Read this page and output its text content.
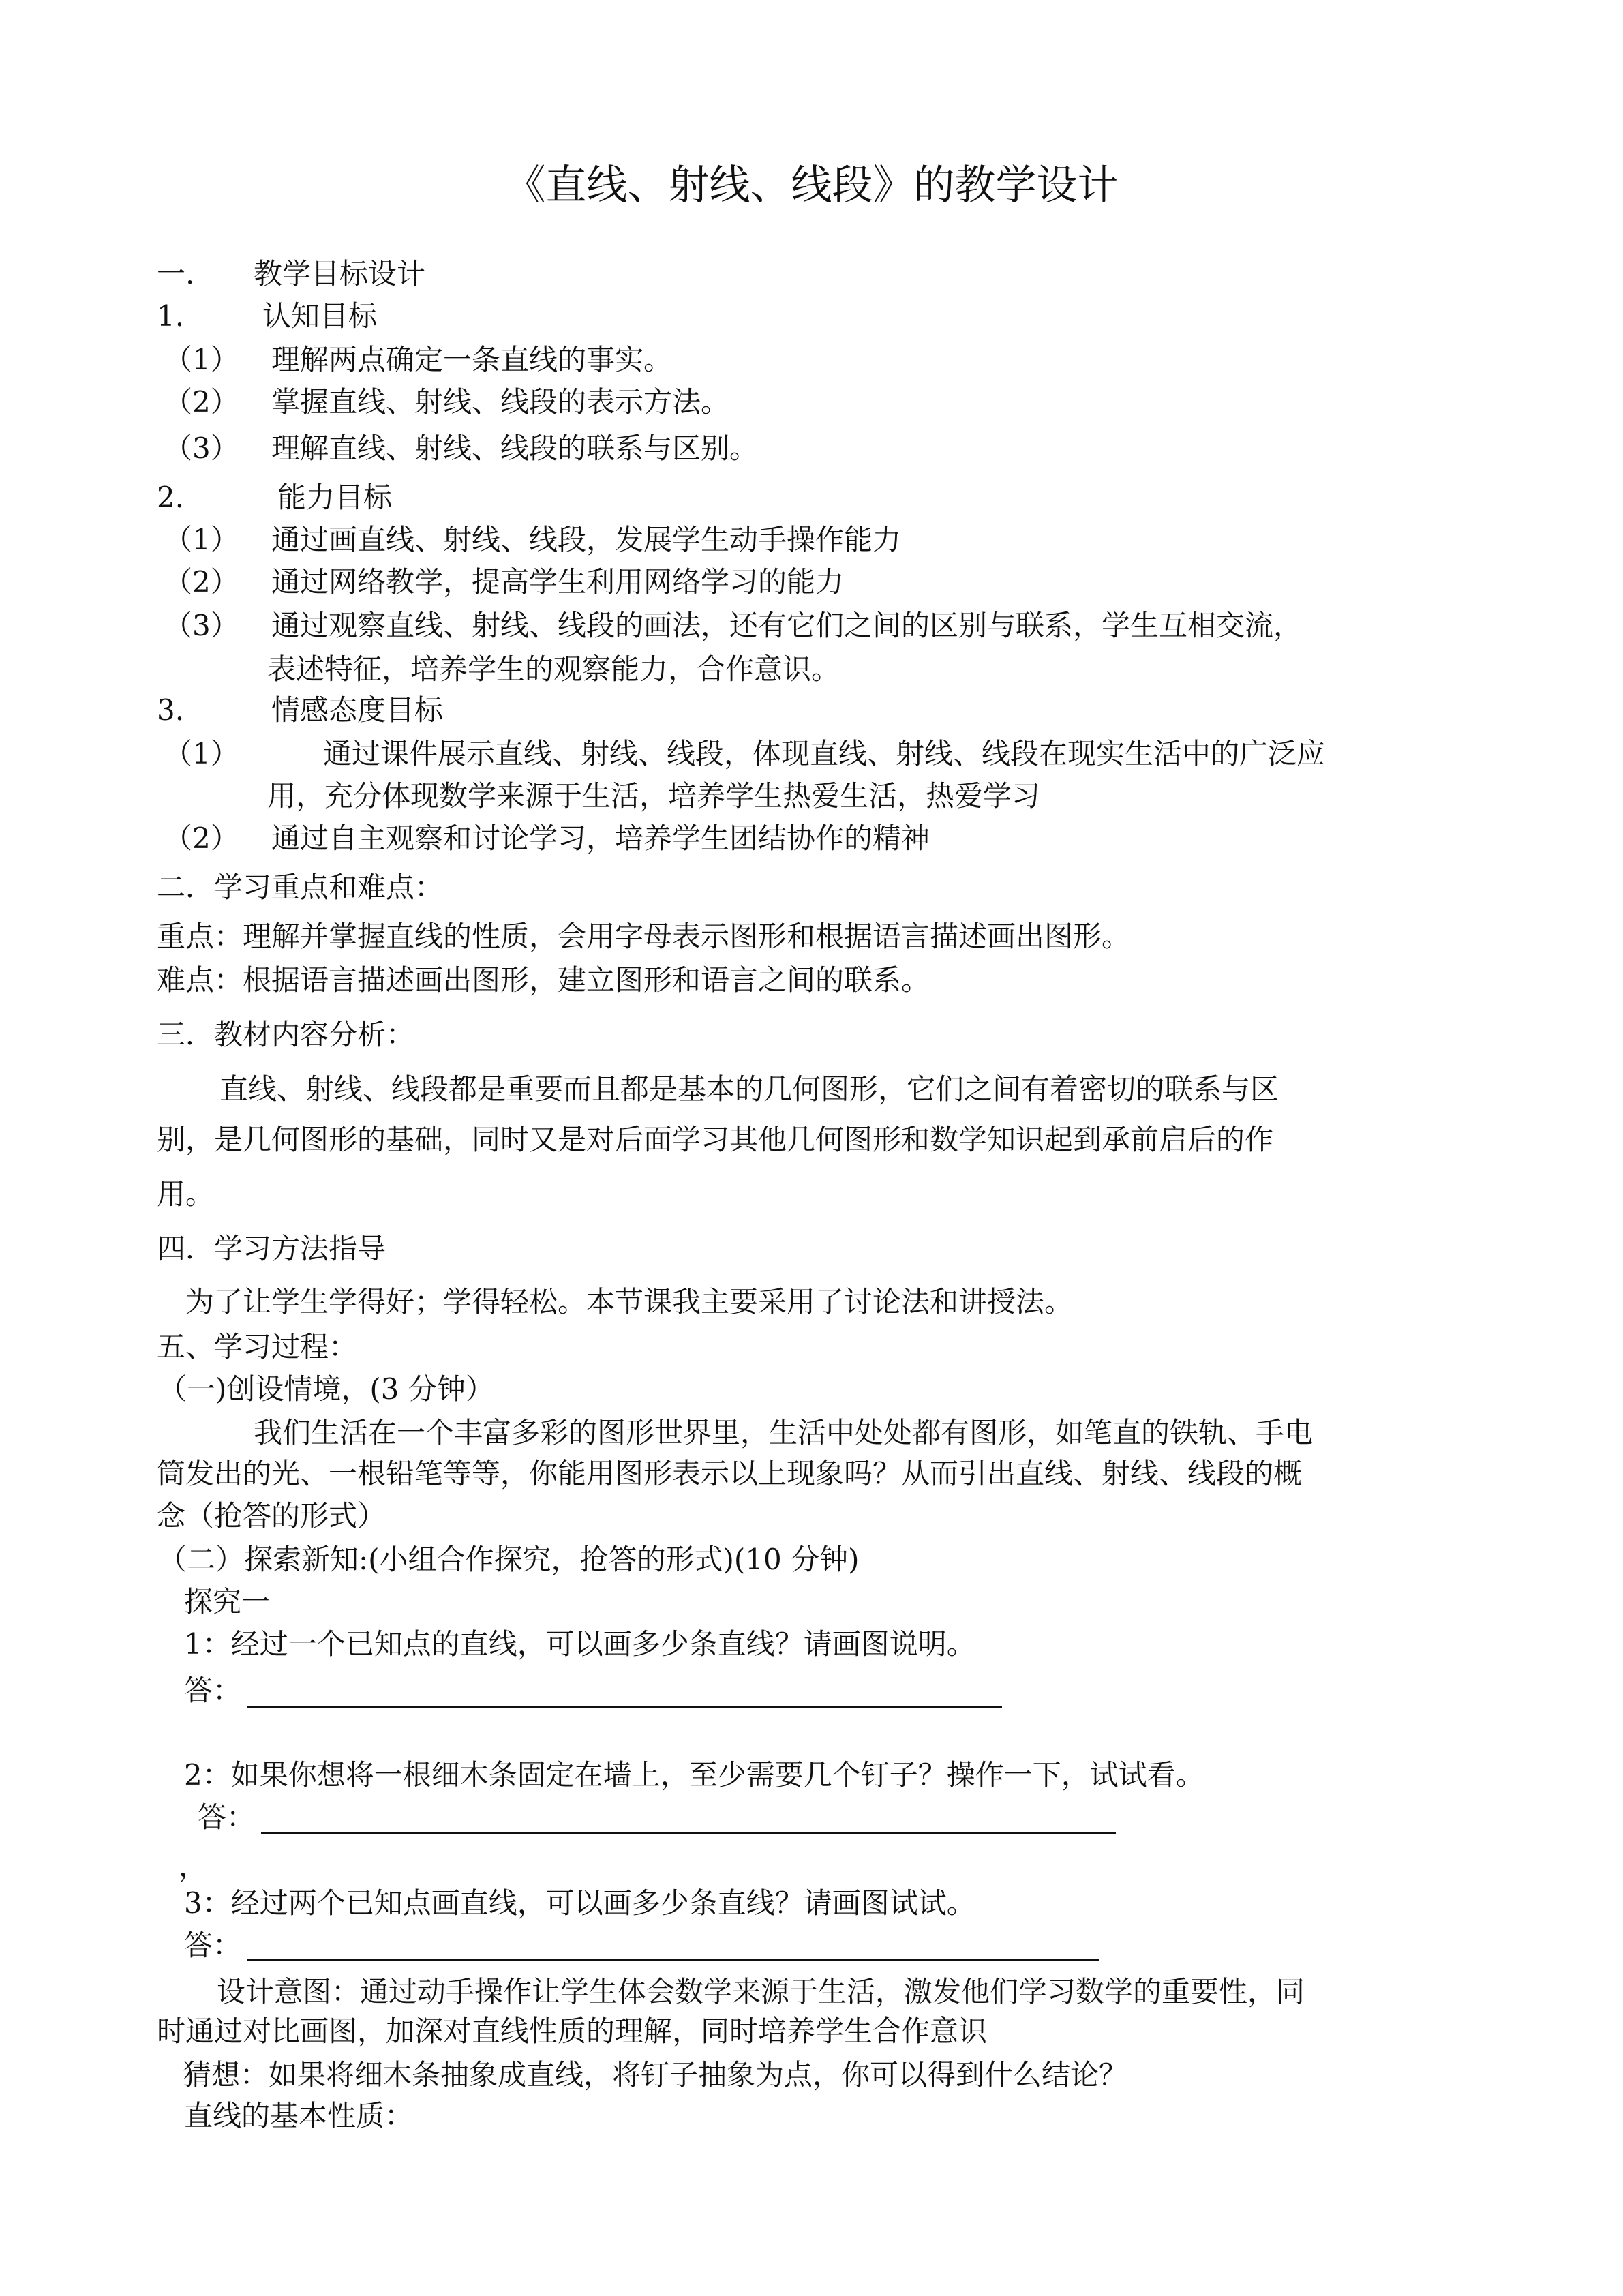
《直线、射线、线段》的教学设计
一. 教学目标设计
1.	认知目标
（1） 理解两点确定一条直线的事实。
（2） 掌握直线、射线、线段的表示方法。
（3） 理解直线、射线、线段的联系与区别。
2.	能力目标
（1） 通过画直线、射线、线段，发展学生动手操作能力
（2） 通过网络教学，提高学生利用网络学习的能力
（3） 通过观察直线、射线、线段的画法，还有它们之间的区别与联系，学生互相交流，
表述特征，培养学生的观察能力，合作意识。
3.	情感态度目标
（1）	通过课件展示直线、射线、线段，体现直线、射线、线段在现实生活中的广泛应
用，充分体现数学来源于生活，培养学生热爱生活，热爱学习
（2） 通过自主观察和讨论学习，培养学生团结协作的精神
二．学习重点和难点：
重点：理解并掌握直线的性质，会用字母表示图形和根据语言描述画出图形。
难点：根据语言描述画出图形，建立图形和语言之间的联系。
三．教材内容分析：
直线、射线、线段都是重要而且都是基本的几何图形，它们之间有着密切的联系与区
别，是几何图形的基础，同时又是对后面学习其他几何图形和数学知识起到承前启后的作
用。
四．学习方法指导
为了让学生学得好；学得轻松。本节课我主要采用了讨论法和讲授法。
五、学习过程：
（一)创设情境，(3 分钟）
我们生活在一个丰富多彩的图形世界里，生活中处处都有图形，如笔直的铁轨、手电
筒发出的光、一根铅笔等等，你能用图形表示以上现象吗？从而引出直线、射线、线段的概
念（抢答的形式）
（二）探索新知:(小组合作探究，抢答的形式)(10 分钟)
探究一
1：经过一个已知点的直线，可以画多少条直线？请画图说明。
答：
2：如果你想将一根细木条固定在墙上，至少需要几个钉子？操作一下，试试看。
答：
，
3：经过两个已知点画直线，可以画多少条直线？请画图试试。
答：
设计意图：通过动手操作让学生体会数学来源于生活，激发他们学习数学的重要性，同
时通过对比画图，加深对直线性质的理解，同时培养学生合作意识
猜想：如果将细木条抽象成直线，将钉子抽象为点，你可以得到什么结论？
直线的基本性质：
